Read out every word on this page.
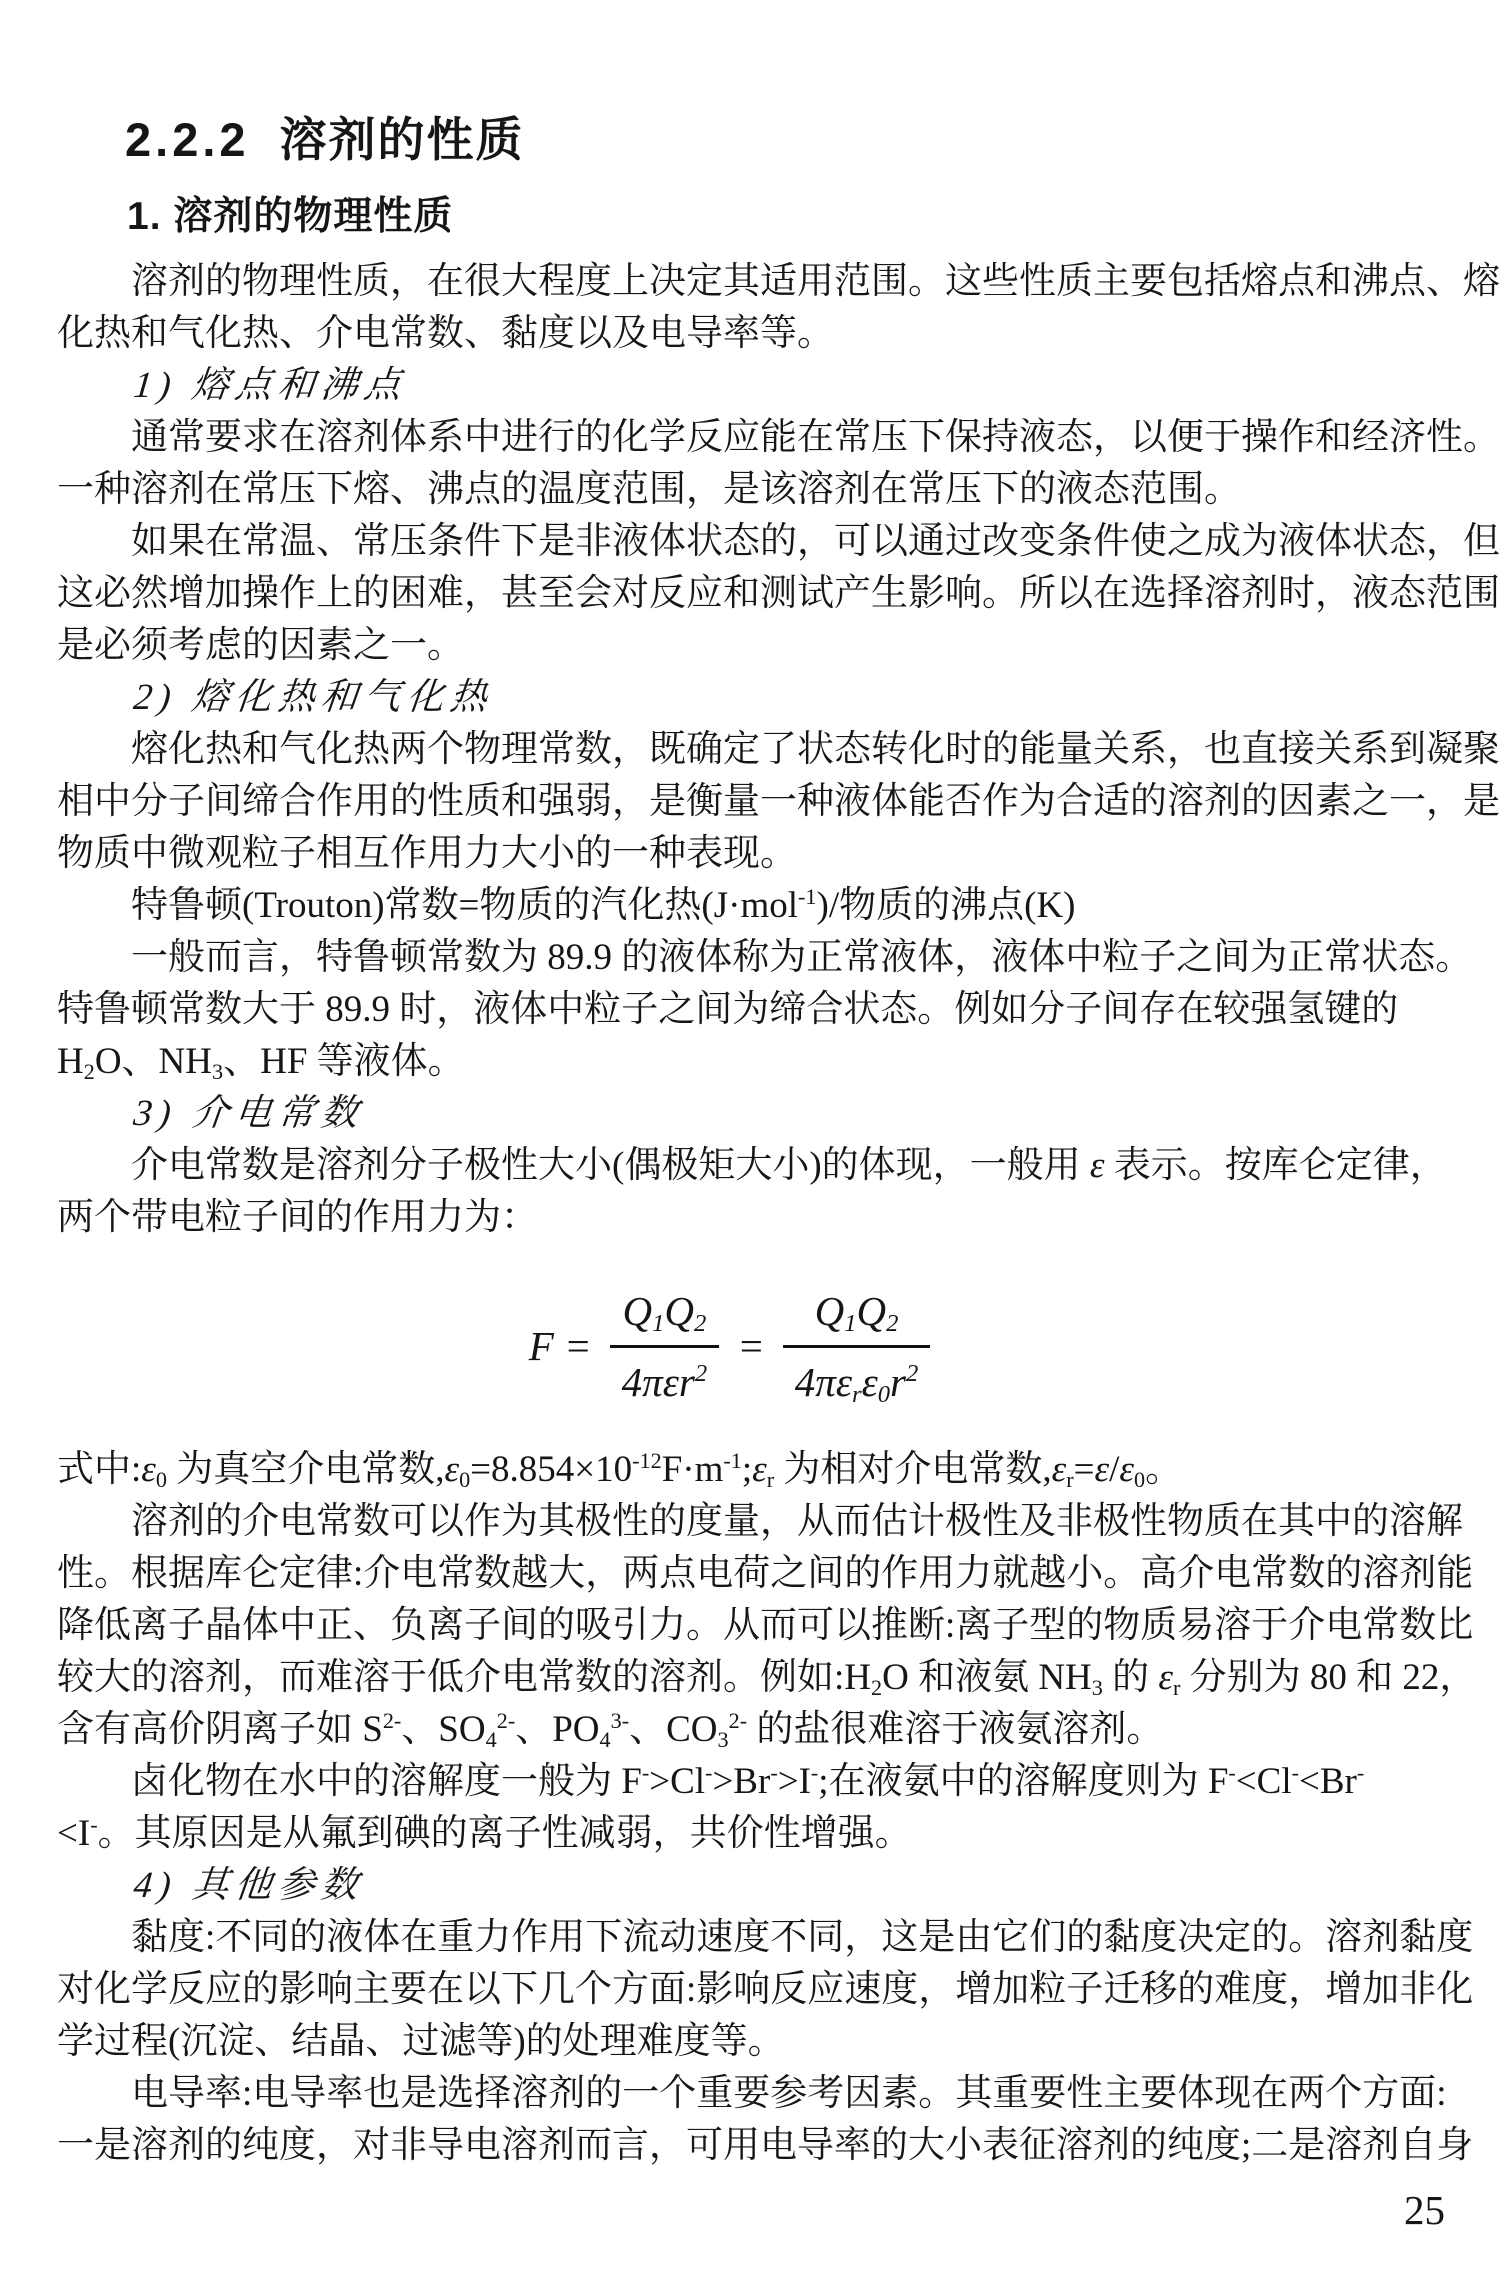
2.2.2 溶剂的性质
1. 溶剂的物理性质
溶剂的物理性质，在很大程度上决定其适用范围。这些性质主要包括熔点和沸点、熔
化热和气化热、介电常数、黏度以及电导率等。
1) 熔点和沸点
通常要求在溶剂体系中进行的化学反应能在常压下保持液态，以便于操作和经济性。
一种溶剂在常压下熔、沸点的温度范围，是该溶剂在常压下的液态范围。
如果在常温、常压条件下是非液体状态的，可以通过改变条件使之成为液体状态，但
这必然增加操作上的困难，甚至会对反应和测试产生影响。所以在选择溶剂时，液态范围
是必须考虑的因素之一。
2) 熔化热和气化热
熔化热和气化热两个物理常数，既确定了状态转化时的能量关系，也直接关系到凝聚
相中分子间缔合作用的性质和强弱，是衡量一种液体能否作为合适的溶剂的因素之一，是
物质中微观粒子相互作用力大小的一种表现。
特鲁顿(Trouton)常数=物质的汽化热(J·mol$^{-1}$)/物质的沸点(K)
一般而言，特鲁顿常数为 89.9 的液体称为正常液体，液体中粒子之间为正常状态。
特鲁顿常数大于 89.9 时，液体中粒子之间为缔合状态。例如分子间存在较强氢键的
$H_2O$、$NH_3$、HF 等液体。
3) 介电常数
介电常数是溶剂分子极性大小(偶极矩大小)的体现，一般用 ε 表示。按库仑定律，
两个带电粒子间的作用力为：
$F = \frac{Q_1Q_2}{4\pi\varepsilon r^2} = \frac{Q_1Q_2}{4\pi\varepsilon_r\varepsilon_0r^2}$
式中$:\varepsilon_0$ 为真空介电常数$,\varepsilon_0=8.854\times 10^{-12}F\cdot m^{-1};\varepsilon_r$ 为相对介电常数$,\varepsilon_r=\varepsilon/\varepsilon_0$。
溶剂的介电常数可以作为其极性的度量，从而估计极性及非极性物质在其中的溶解
性。根据库仑定律:介电常数越大，两点电荷之间的作用力就越小。高介电常数的溶剂能
降低离子晶体中正、负离子间的吸引力。从而可以推断:离子型的物质易溶于介电常数比
较大的溶剂，而难溶于低介电常数的溶剂。例如$:H_2O$ 和液氨 $NH_3$ 的 $\varepsilon_r$ 分别为 80 和 22，
含有高价阴离子如 $S^{2-}$、$SO_4^{2-}$、$PO_4^{3-}$、$CO_3^{2-}$ 的盐很难溶于液氨溶剂。
卤化物在水中的溶解度一般为 F->Cl->Br->I-;在液氨中的溶解度则为 F-<Cl-<Br-
<I-。其原因是从氟到碘的离子性减弱，共价性增强。
4) 其他参数
黏度:不同的液体在重力作用下流动速度不同，这是由它们的黏度决定的。溶剂黏度
对化学反应的影响主要在以下几个方面:影响反应速度，增加粒子迁移的难度，增加非化
学过程(沉淀、结晶、过滤等)的处理难度等。
电导率:电导率也是选择溶剂的一个重要参考因素。其重要性主要体现在两个方面:
一是溶剂的纯度，对非导电溶剂而言，可用电导率的大小表征溶剂的纯度;二是溶剂自身
25
